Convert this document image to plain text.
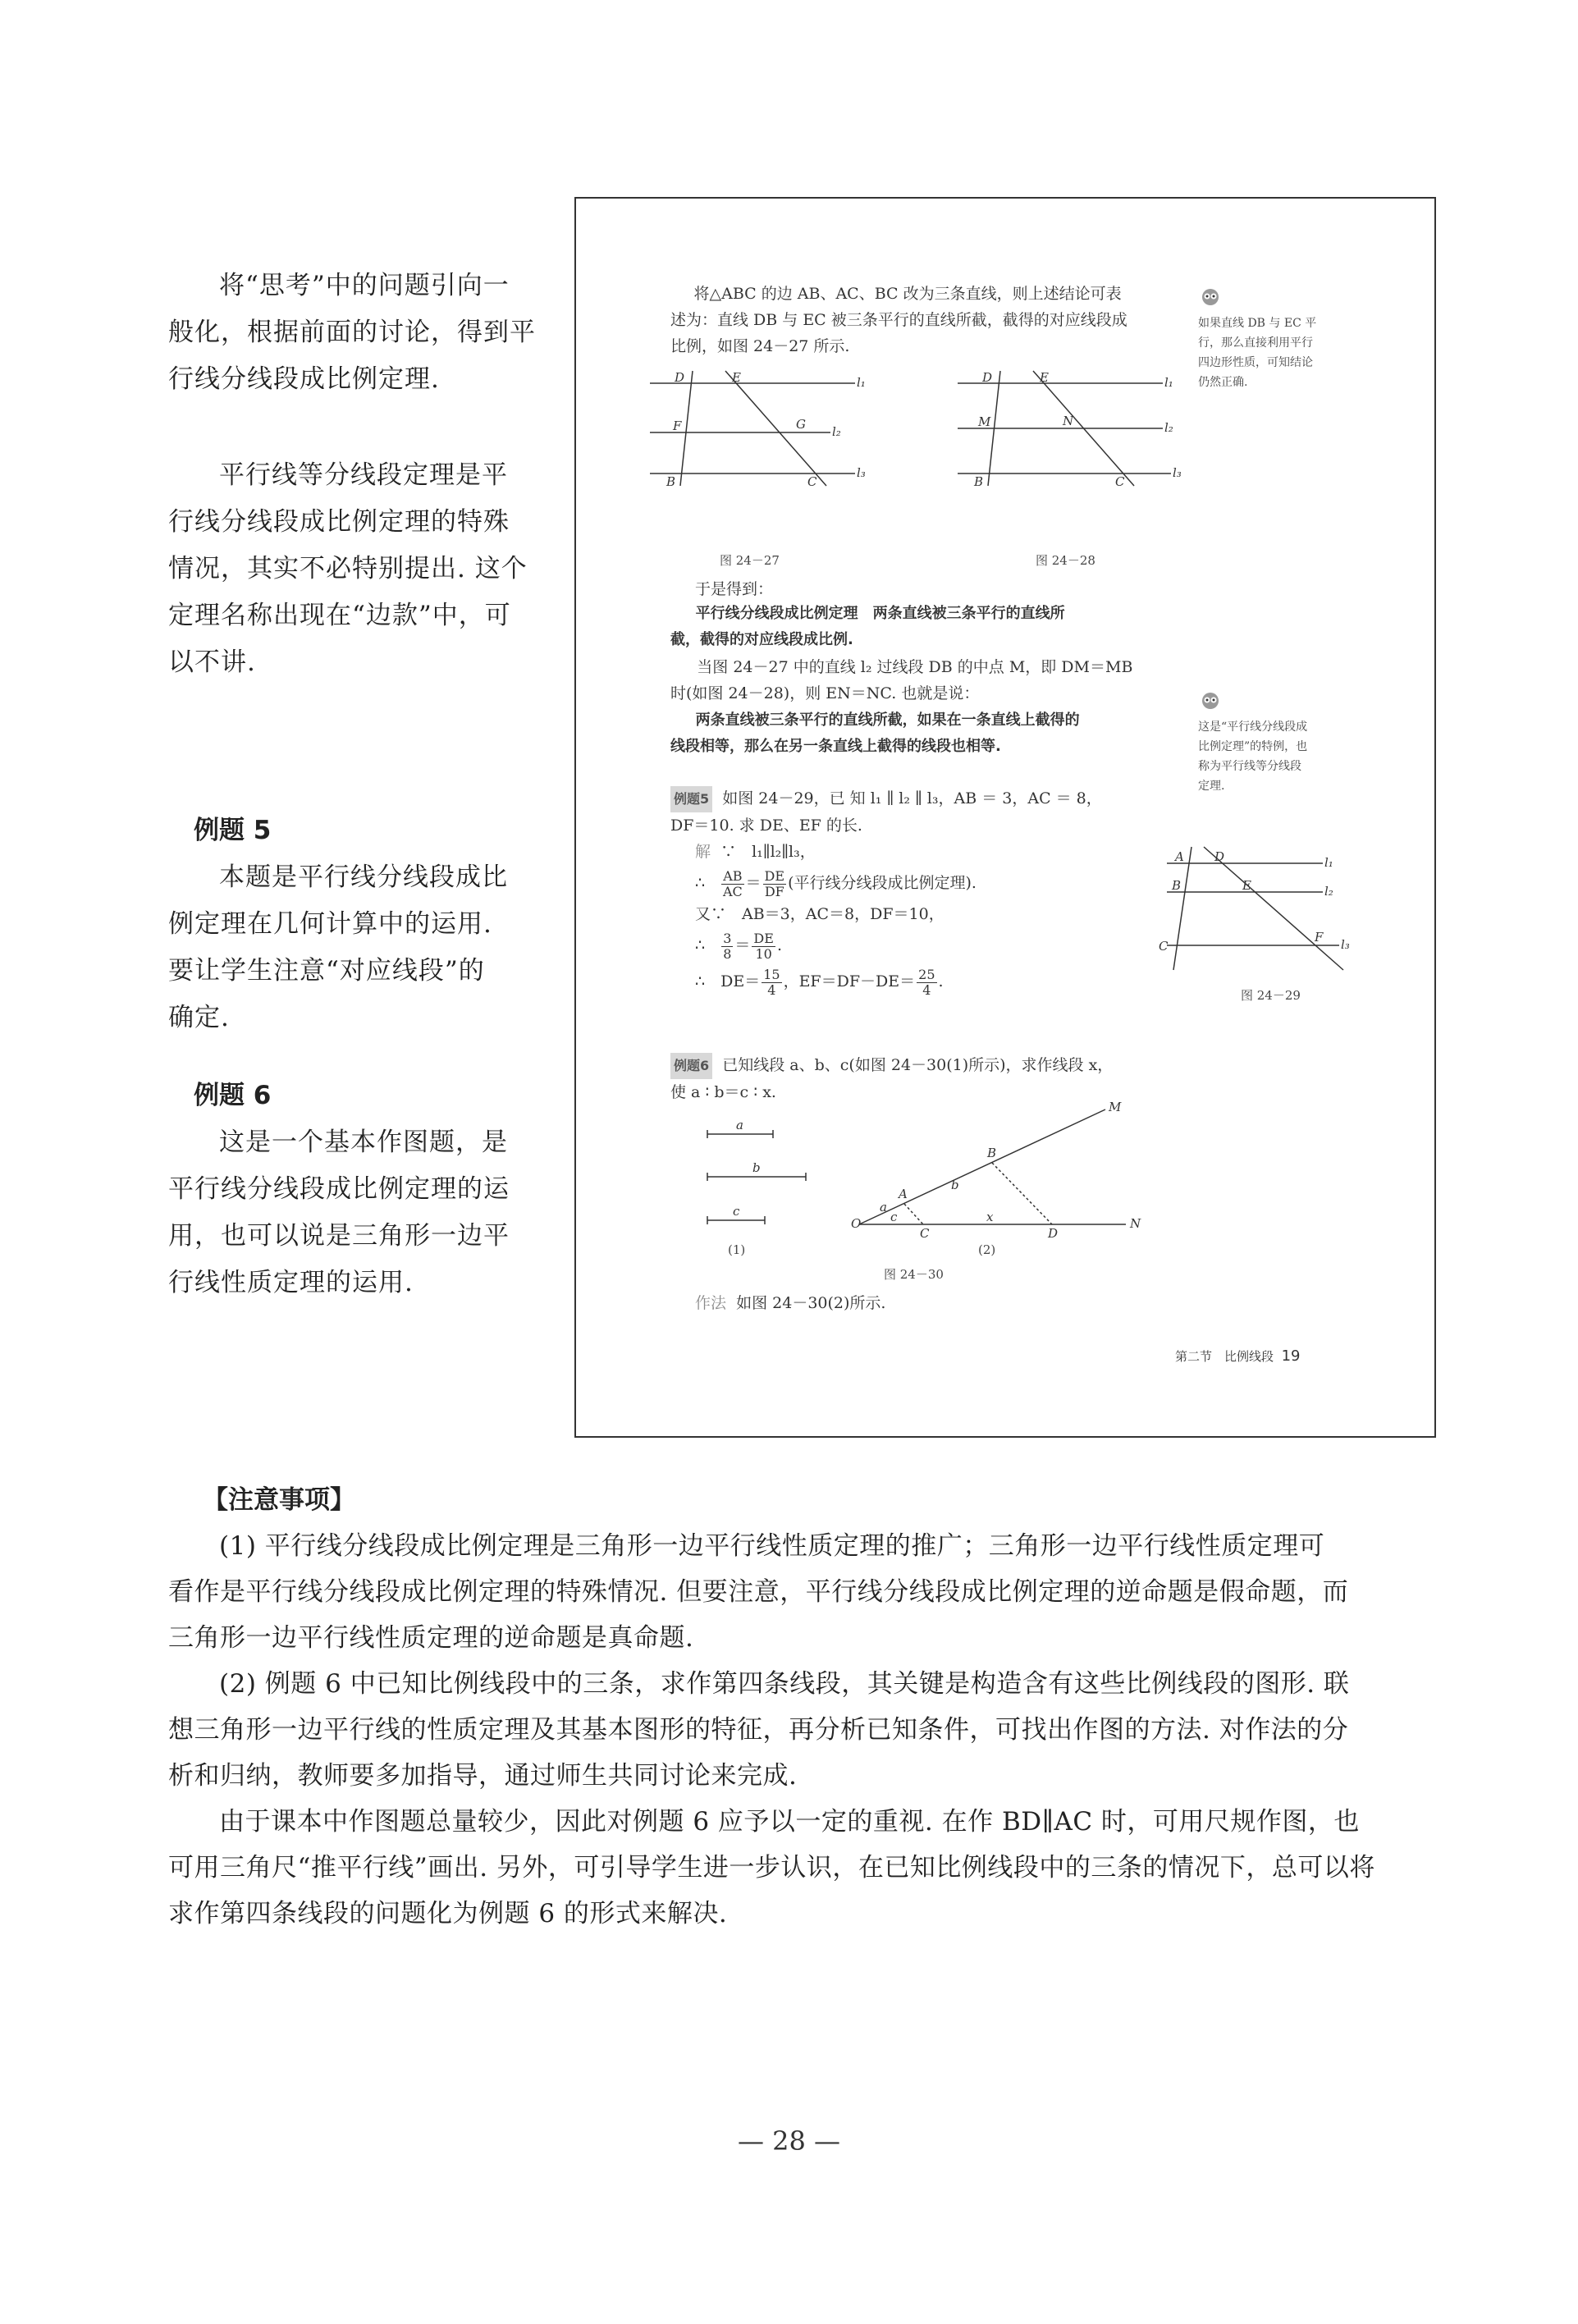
将“思考”中的问题引向一

般化，根据前面的讨论，得到平

行线分线段成比例定理.

平行线等分线段定理是平

行线分线段成比例定理的特殊

情况，其实不必特别提出. 这个

定理名称出现在“边款”中，可

以不讲.

例题 5

本题是平行线分线段成比

例定理在几何计算中的运用.

要让学生注意“对应线段”的

确定.

例题 6

这是一个基本作图题，是

平行线分线段成比例定理的运

用，也可以说是三角形一边平

行线性质定理的运用.

将△ABC 的边 AB、AC、BC 改为三条直线，则上述结论可表
述为：直线 DB 与 EC 被三条平行的直线所截，截得的对应线段成
比例，如图 24－27 所示.
如果直线 DB 与 EC 平
行，那么直接利用平行
四边形性质，可知结论
仍然正确.
D	E	l₁
F	G l₂
B	C
l₃
图 24－27
D	E	l₁
M	N	l₂
B	C
l₃
图 24－28
于是得到：
平行线分线段成比例定理　两条直线被三条平行的直线所
截，截得的对应线段成比例.
当图 24－27 中的直线 l₂ 过线段 DB 的中点 M，即 DM＝MB
时(如图 24－28)，则 EN＝NC. 也就是说：
两条直线被三条平行的直线所截，如果在一条直线上截得的
线段相等，那么在另一条直线上截得的线段也相等.
这是“平行线分线段成
比例定理”的特例，也
称为平行线等分线段
定理.
例题5 如图 24－29，已 知 l₁ ∥ l₂ ∥ l₃，AB ＝ 3，AC ＝ 8，
DF＝10. 求 DE、EF 的长.
解 ∵　l₁∥l₂∥l₃，
∴ $\frac{AB}{AC} = \frac{DE}{DF}$ (平行线分线段成比例定理).
又∵　AB＝3，AC＝8，DF＝10，
∴ $\frac{3}{8} = \frac{DE}{10}$ .
∴　$DE= \frac{15}{4}$ ，$EF=DF-DE= \frac{25}{4}$ .
A D	l₁
B	E	l₂
C
F l₃
图 24－29
例题6 已知线段 a、b、c(如图 24－30(1)所示)，求作线段 x，
使 a ∶ b＝c ∶ x.
a
b
c
(1)
M
B
b
A
a
O c
C
x
D
N
(2)
图 24－30
作法 如图 24－30(2)所示.
第二节　比例线段 19
【注意事项】

(1) 平行线分线段成比例定理是三角形一边平行线性质定理的推广；三角形一边平行线性质定理可

看作是平行线分线段成比例定理的特殊情况. 但要注意，平行线分线段成比例定理的逆命题是假命题，而

三角形一边平行线性质定理的逆命题是真命题.

(2) 例题 6 中已知比例线段中的三条，求作第四条线段，其关键是构造含有这些比例线段的图形. 联

想三角形一边平行线的性质定理及其基本图形的特征，再分析已知条件，可找出作图的方法. 对作法的分

析和归纳，教师要多加指导，通过师生共同讨论来完成.

由于课本中作图题总量较少，因此对例题 6 应予以一定的重视. 在作 BD∥AC 时，可用尺规作图，也

可用三角尺“推平行线”画出. 另外，可引导学生进一步认识，在已知比例线段中的三条的情况下，总可以将

求作第四条线段的问题化为例题 6 的形式来解决.

— 28 —
